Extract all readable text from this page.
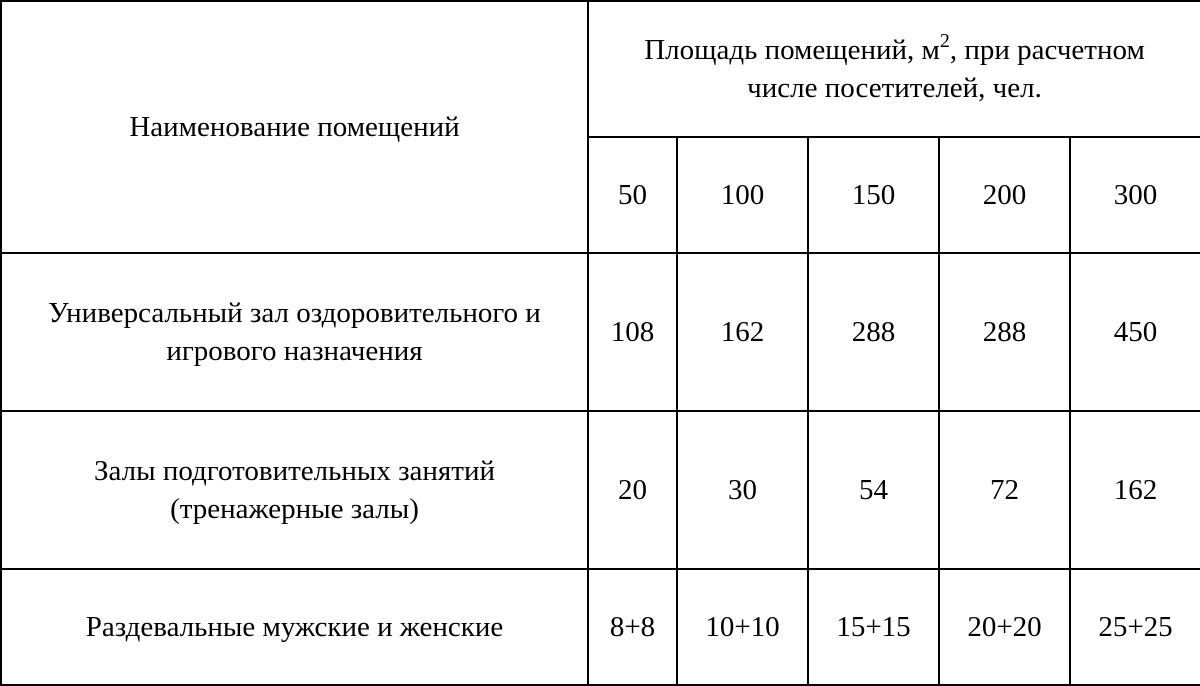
Наименование помещений	Площадь помещений, $м^2$, при расчетном
числе посетителей, чел.				

	50	100	150	200	300

Универсальный зал оздоровительного и
игрового назначения	108	162	288	288	450

Залы подготовительных занятий
(тренажерные залы)	20	30	54	72	162

Раздевальные мужские и женские	8+8	10+10	15+15	20+20	25+25
